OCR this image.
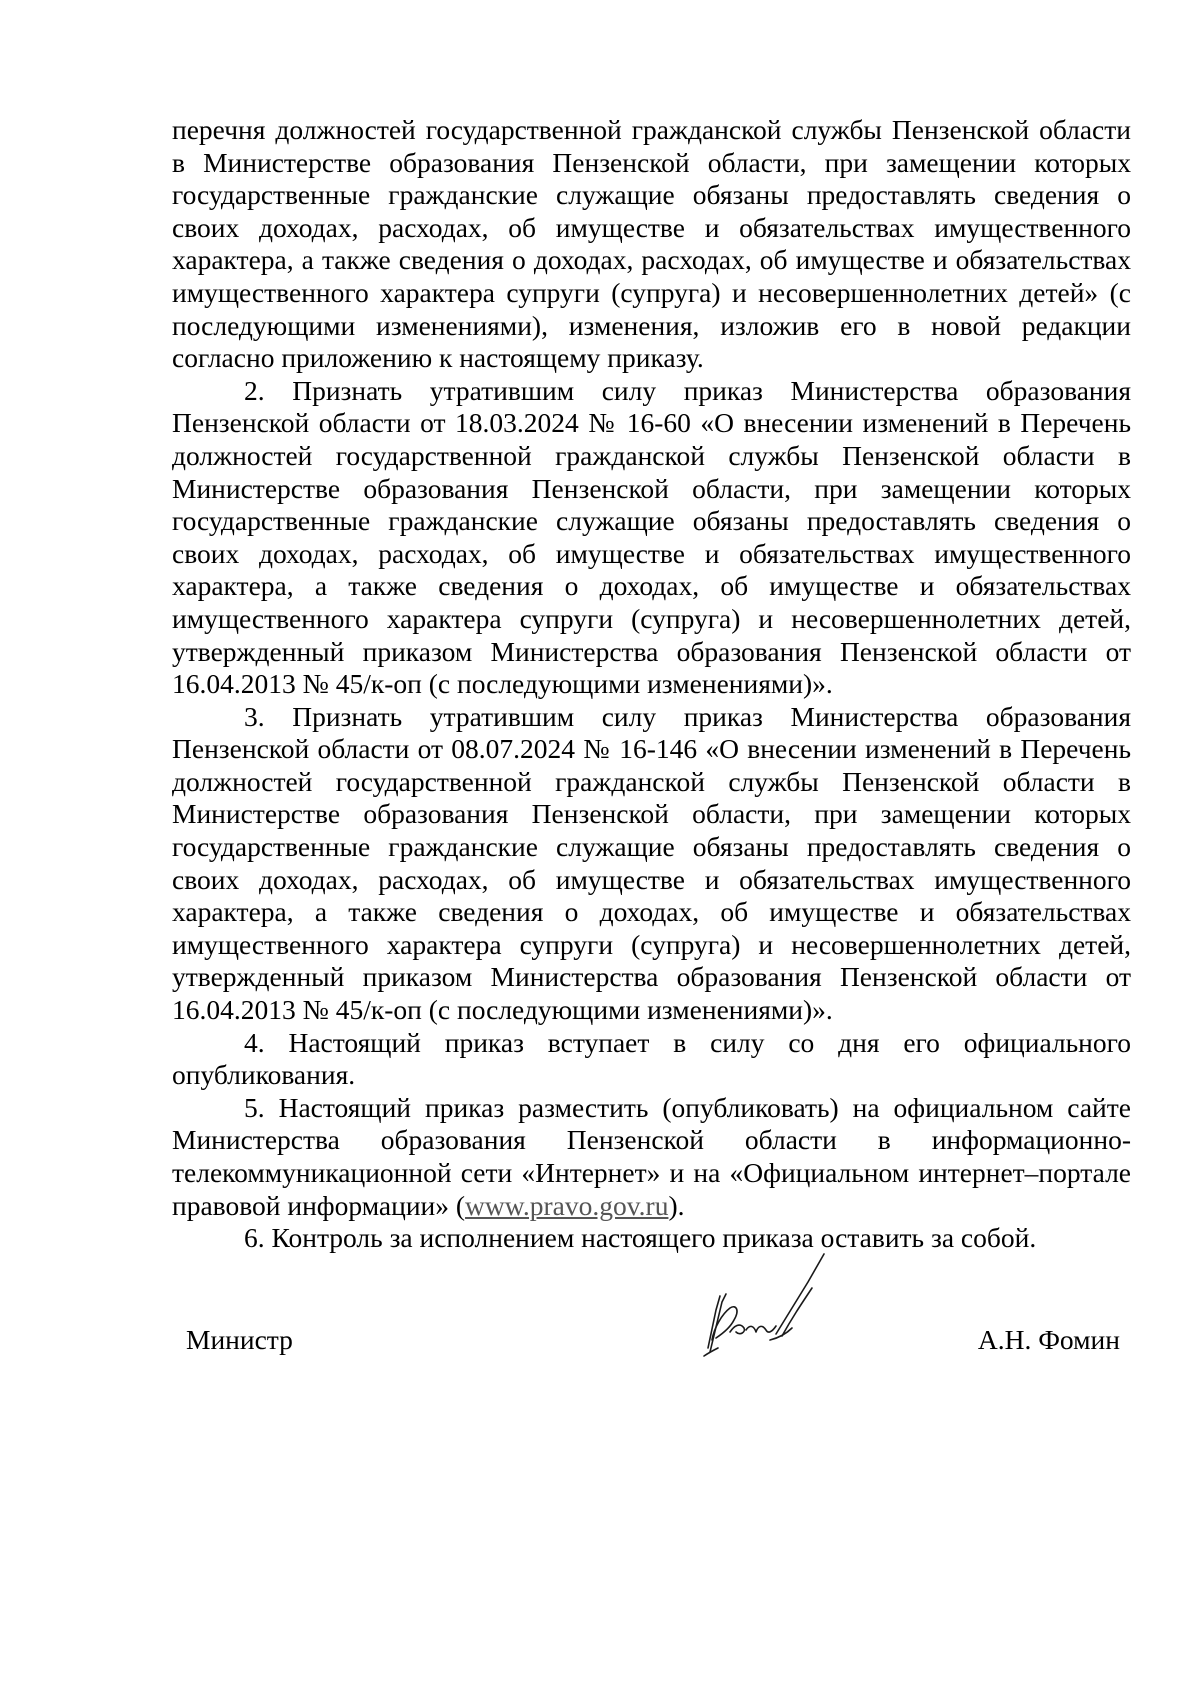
перечня должностей государственной гражданской службы Пензенской области в Министерстве образования Пензенской области, при замещении которых государственные гражданские служащие обязаны предоставлять сведения о своих доходах, расходах, об имуществе и обязательствах имущественного характера, а также сведения о доходах, расходах, об имуществе и обязательствах имущественного характера супруги (супруга) и несовершеннолетних детей» (с последующими изменениями), изменения, изложив его в новой редакции согласно приложению к настоящему приказу.

2. Признать утратившим силу приказ Министерства образования Пензенской области от 18.03.2024 № 16-60 «О внесении изменений в Перечень должностей государственной гражданской службы Пензенской области в Министерстве образования Пензенской области, при замещении которых государственные гражданские служащие обязаны предоставлять сведения о своих доходах, расходах, об имуществе и обязательствах имущественного характера, а также сведения о доходах, об имуществе и обязательствах имущественного характера супруги (супруга) и несовершеннолетних детей, утвержденный приказом Министерства образования Пензенской области от 16.04.2013 № 45/к-оп (с последующими изменениями)».

3. Признать утратившим силу приказ Министерства образования Пензенской области от 08.07.2024 № 16-146 «О внесении изменений в Перечень должностей государственной гражданской службы Пензенской области в Министерстве образования Пензенской области, при замещении которых государственные гражданские служащие обязаны предоставлять сведения о своих доходах, расходах, об имуществе и обязательствах имущественного характера, а также сведения о доходах, об имуществе и обязательствах имущественного характера супруги (супруга) и несовершеннолетних детей, утвержденный приказом Министерства образования Пензенской области от 16.04.2013 № 45/к-оп (с последующими изменениями)».

4. Настоящий приказ вступает в силу со дня его официального опубликования.

5. Настоящий приказ разместить (опубликовать) на официальном сайте Министерства образования Пензенской области в информационно-телекоммуникационной сети «Интернет» и на «Официальном интернет–портале правовой информации» (www.pravo.gov.ru).

6. Контроль за исполнением настоящего приказа оставить за собой.

Министр	А.Н. Фомин
